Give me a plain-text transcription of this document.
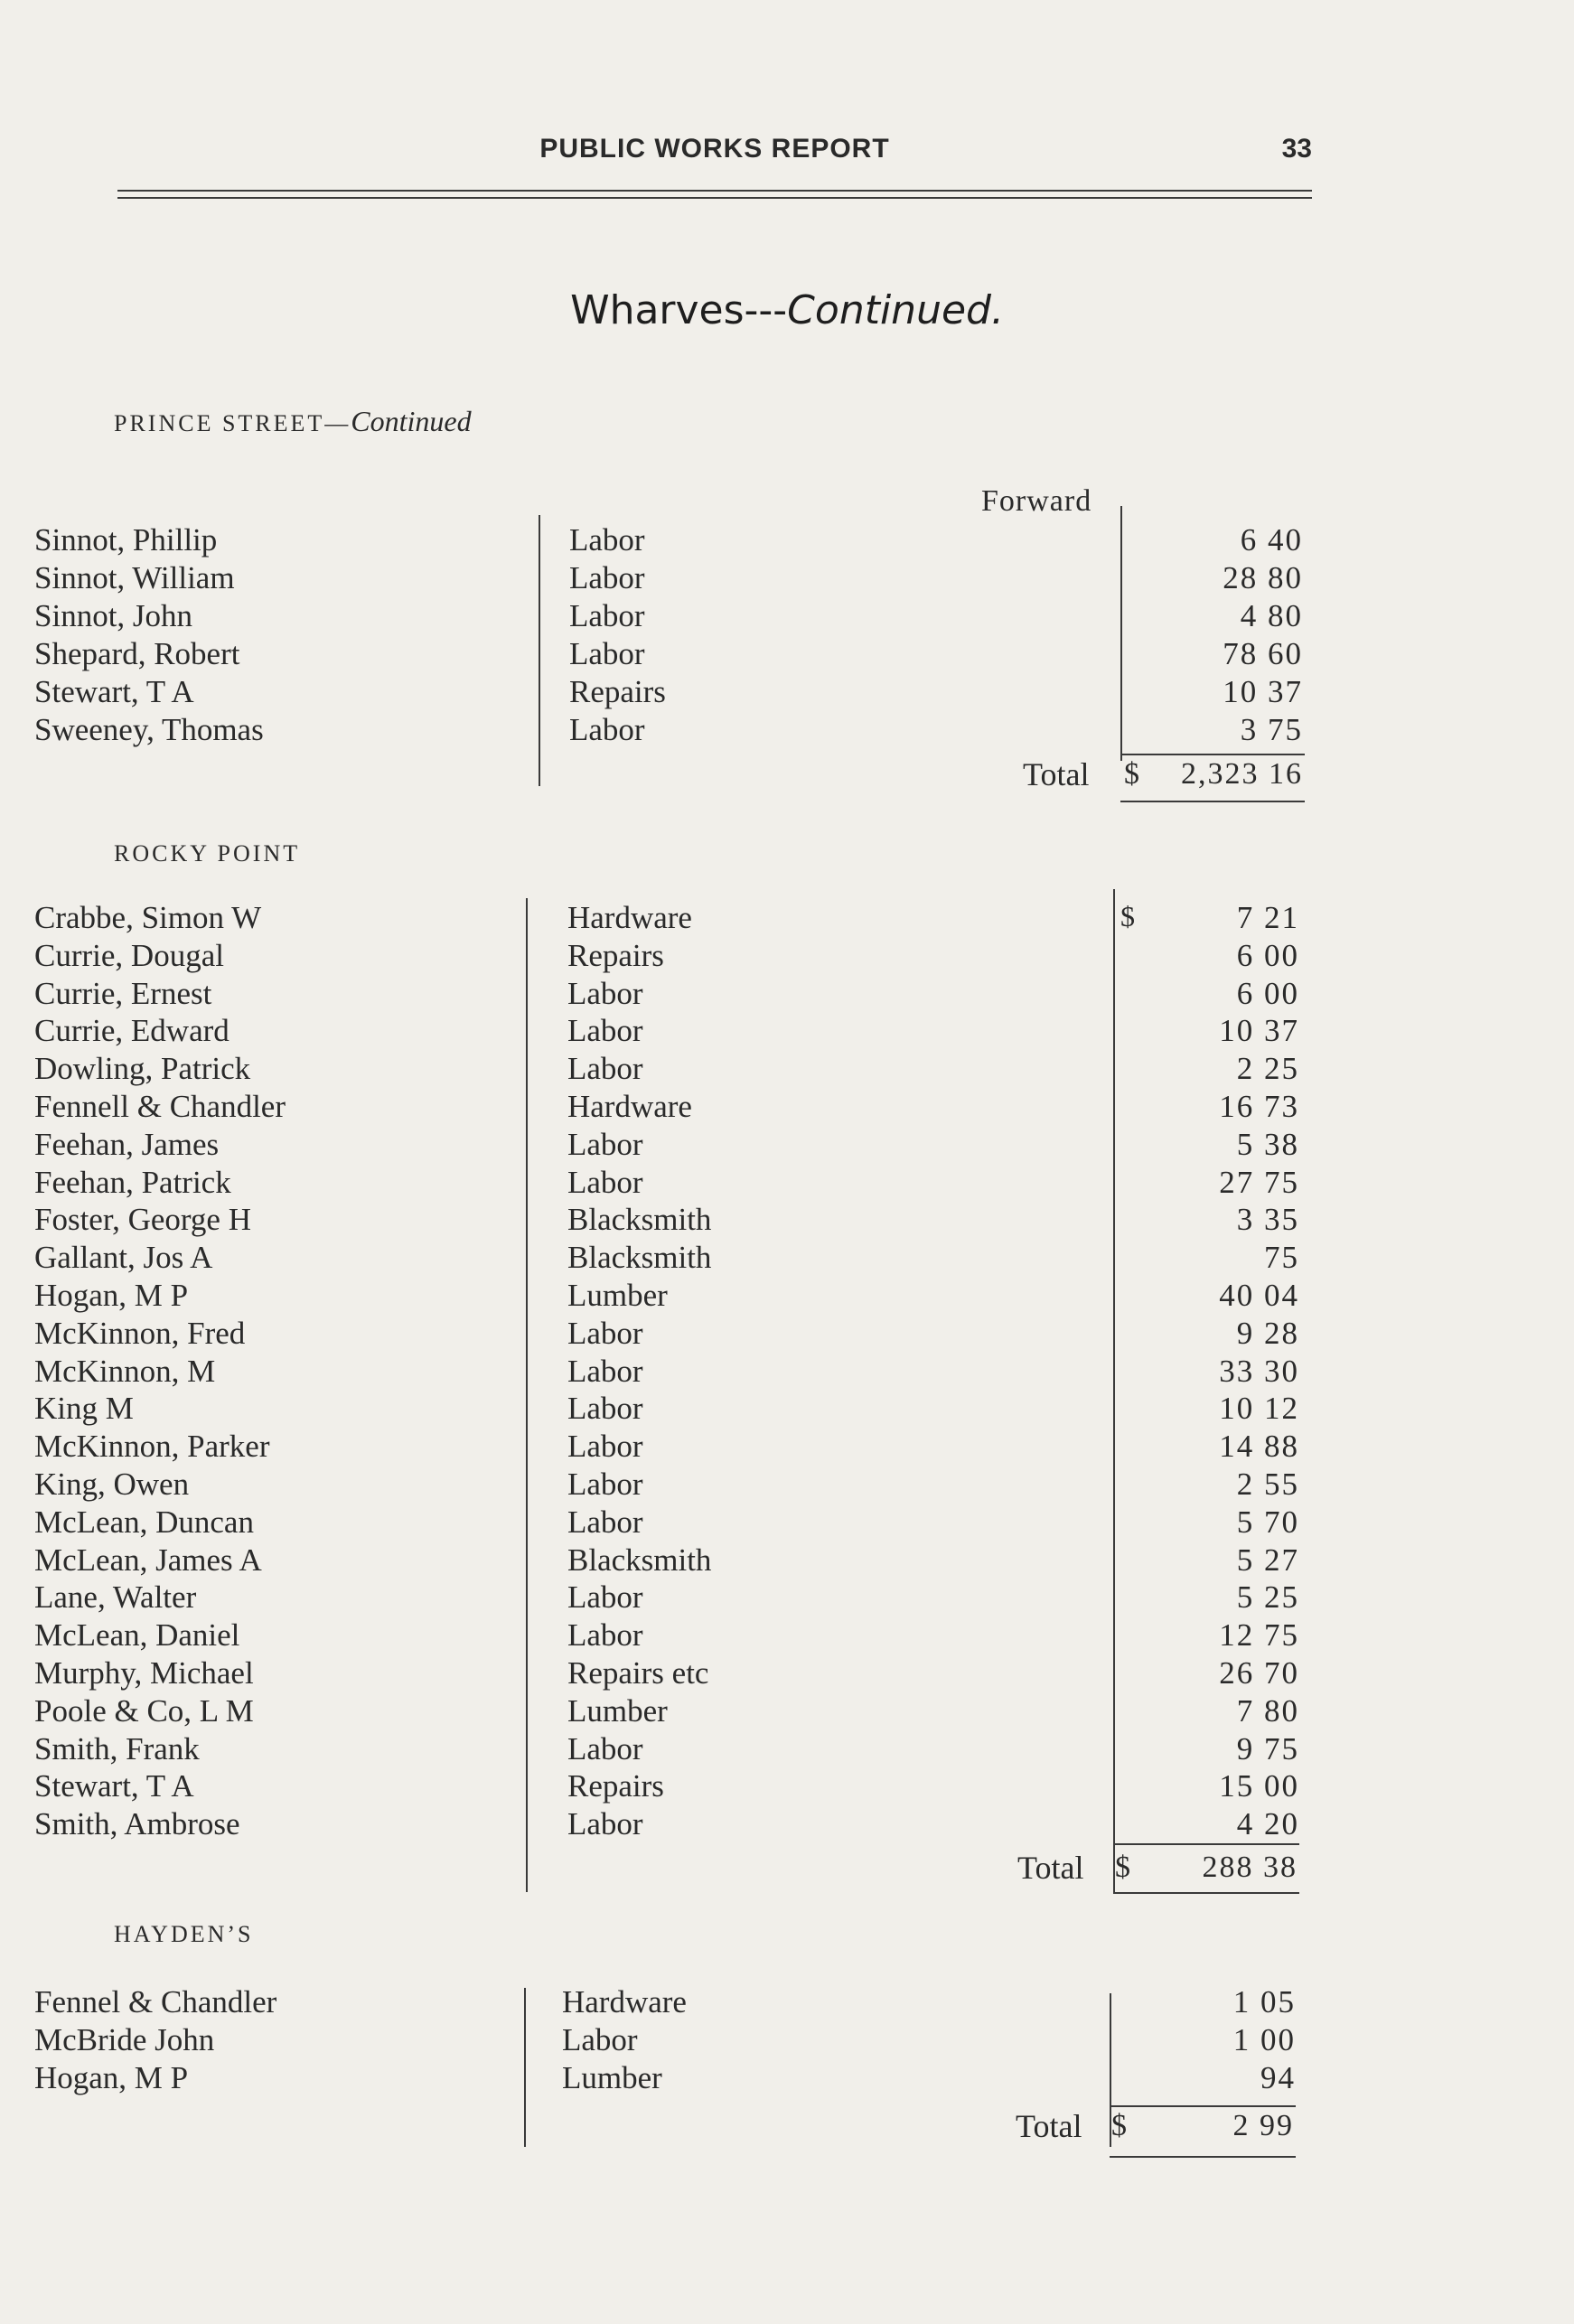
PUBLIC WORKS REPORT	33
Wharves---Continued.
PRINCE STREET—Continued
Forward
Sinnot, Phillip	Labor	6 40
Sinnot, William	Labor	28 80
Sinnot, John	Labor	4 80
Shepard, Robert	Labor	78 60
Stewart, T A	Repairs	10 37
Sweeney, Thomas	Labor	3 75
Total $ 2,323 16
ROCKY POINT
$
Crabbe, Simon W	Hardware	7 21
Currie, Dougal	Repairs	6 00
Currie, Ernest	Labor	6 00
Currie, Edward	Labor	10 37
Dowling, Patrick	Labor	2 25
Fennell & Chandler	Hardware	16 73
Feehan, James	Labor	5 38
Feehan, Patrick	Labor	27 75
Foster, George H	Blacksmith	3 35
Gallant, Jos A	Blacksmith	75
Hogan, M P	Lumber	40 04
McKinnon, Fred	Labor	9 28
McKinnon, M	Labor	33 30
King M	Labor	10 12
McKinnon, Parker	Labor	14 88
King, Owen	Labor	2 55
McLean, Duncan	Labor	5 70
McLean, James A	Blacksmith	5 27
Lane, Walter	Labor	5 25
McLean, Daniel	Labor	12 75
Murphy, Michael	Repairs etc	26 70
Poole & Co, L M	Lumber	7 80
Smith, Frank	Labor	9 75
Stewart, T A	Repairs	15 00
Smith, Ambrose	Labor	4 20
Total $ 288 38
HAYDEN’S
Fennel & Chandler	Hardware	1 05
McBride John	Labor	1 00
Hogan, M P	Lumber	94
Total $	2 99
